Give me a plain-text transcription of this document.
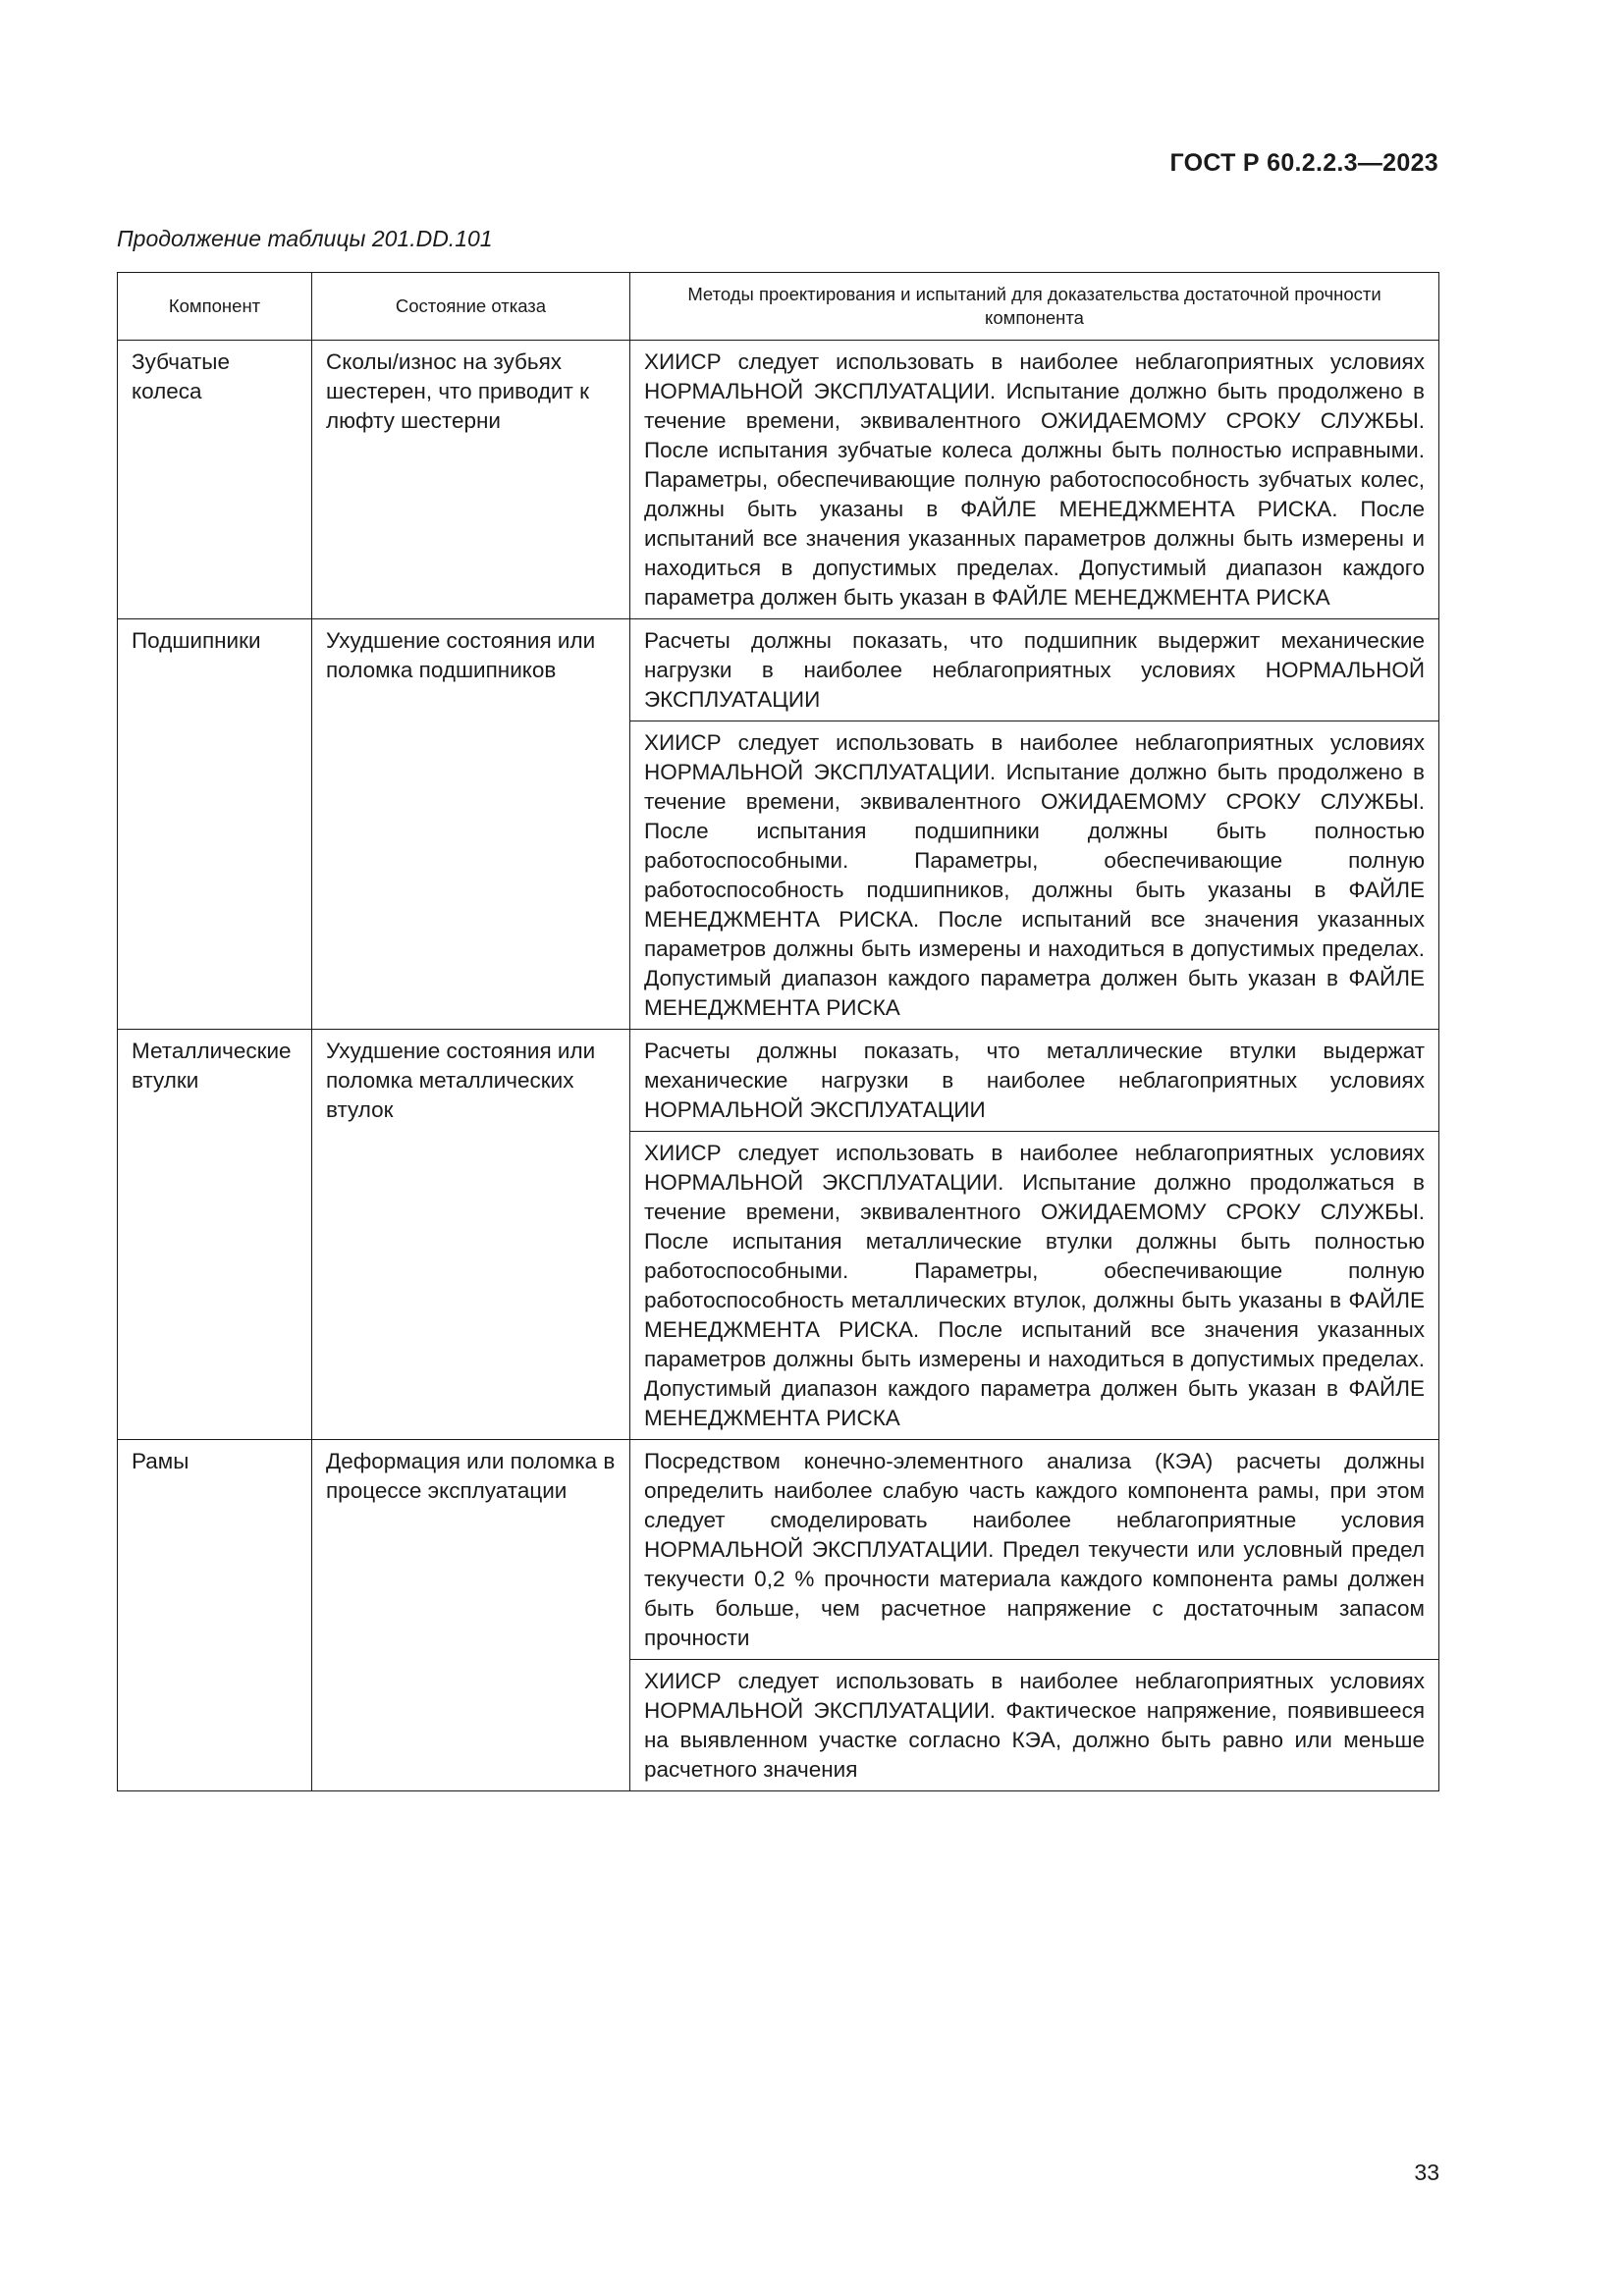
ГОСТ Р 60.2.2.3—2023
Продолжение таблицы 201.DD.101
Компонент	Состояние отказа	Методы проектирования и испытаний для доказательства достаточной прочности компонента
Зубчатые колеса	Сколы/износ на зубьях шестерен, что приводит к люфту шестерни	ХИИСР следует использовать в наиболее неблагоприятных условиях НОРМАЛЬНОЙ ЭКСПЛУАТАЦИИ. Испытание должно быть продолжено в течение времени, эквивалентного ОЖИДАЕМОМУ СРОКУ СЛУЖБЫ. После испытания зубчатые колеса должны быть полностью исправными. Параметры, обеспечивающие полную работоспособность зубчатых колес, должны быть указаны в ФАЙЛЕ МЕНЕДЖМЕНТА РИСКА. После испытаний все значения указанных параметров должны быть измерены и находиться в допустимых пределах. Допустимый диапазон каждого параметра должен быть указан в ФАЙЛЕ МЕНЕДЖМЕНТА РИСКА
Подшипники	Ухудшение состояния или поломка подшипников	Расчеты должны показать, что подшипник выдержит механические нагрузки в наиболее неблагоприятных условиях НОРМАЛЬНОЙ ЭКСПЛУАТАЦИИ
		ХИИСР следует использовать в наиболее неблагоприятных условиях НОРМАЛЬНОЙ ЭКСПЛУАТАЦИИ. Испытание должно быть продолжено в течение времени, эквивалентного ОЖИДАЕМОМУ СРОКУ СЛУЖБЫ. После испытания подшипники должны быть полностью работоспособными. Параметры, обеспечивающие полную работоспособность подшипников, должны быть указаны в ФАЙЛЕ МЕНЕДЖМЕНТА РИСКА. После испытаний все значения указанных параметров должны быть измерены и находиться в допустимых пределах. Допустимый диапазон каждого параметра должен быть указан в ФАЙЛЕ МЕНЕДЖМЕНТА РИСКА
Металлические втулки	Ухудшение состояния или поломка металлических втулок	Расчеты должны показать, что металлические втулки выдержат механические нагрузки в наиболее неблагоприятных условиях НОРМАЛЬНОЙ ЭКСПЛУАТАЦИИ
		ХИИСР следует использовать в наиболее неблагоприятных условиях НОРМАЛЬНОЙ ЭКСПЛУАТАЦИИ. Испытание должно продолжаться в течение времени, эквивалентного ОЖИДАЕМОМУ СРОКУ СЛУЖБЫ. После испытания металлические втулки должны быть полностью работоспособными. Параметры, обеспечивающие полную работоспособность металлических втулок, должны быть указаны в ФАЙЛЕ МЕНЕДЖМЕНТА РИСКА. После испытаний все значения указанных параметров должны быть измерены и находиться в допустимых пределах. Допустимый диапазон каждого параметра должен быть указан в ФАЙЛЕ МЕНЕДЖМЕНТА РИСКА
Рамы	Деформация или поломка в процессе эксплуатации	Посредством конечно-элементного анализа (КЭА) расчеты должны определить наиболее слабую часть каждого компонента рамы, при этом следует смоделировать наиболее неблагоприятные условия НОРМАЛЬНОЙ ЭКСПЛУАТАЦИИ. Предел текучести или условный предел текучести 0,2 % прочности материала каждого компонента рамы должен быть больше, чем расчетное напряжение с достаточным запасом прочности
		ХИИСР следует использовать в наиболее неблагоприятных условиях НОРМАЛЬНОЙ ЭКСПЛУАТАЦИИ. Фактическое напряжение, появившееся на выявленном участке согласно КЭА, должно быть равно или меньше расчетного значения
33
